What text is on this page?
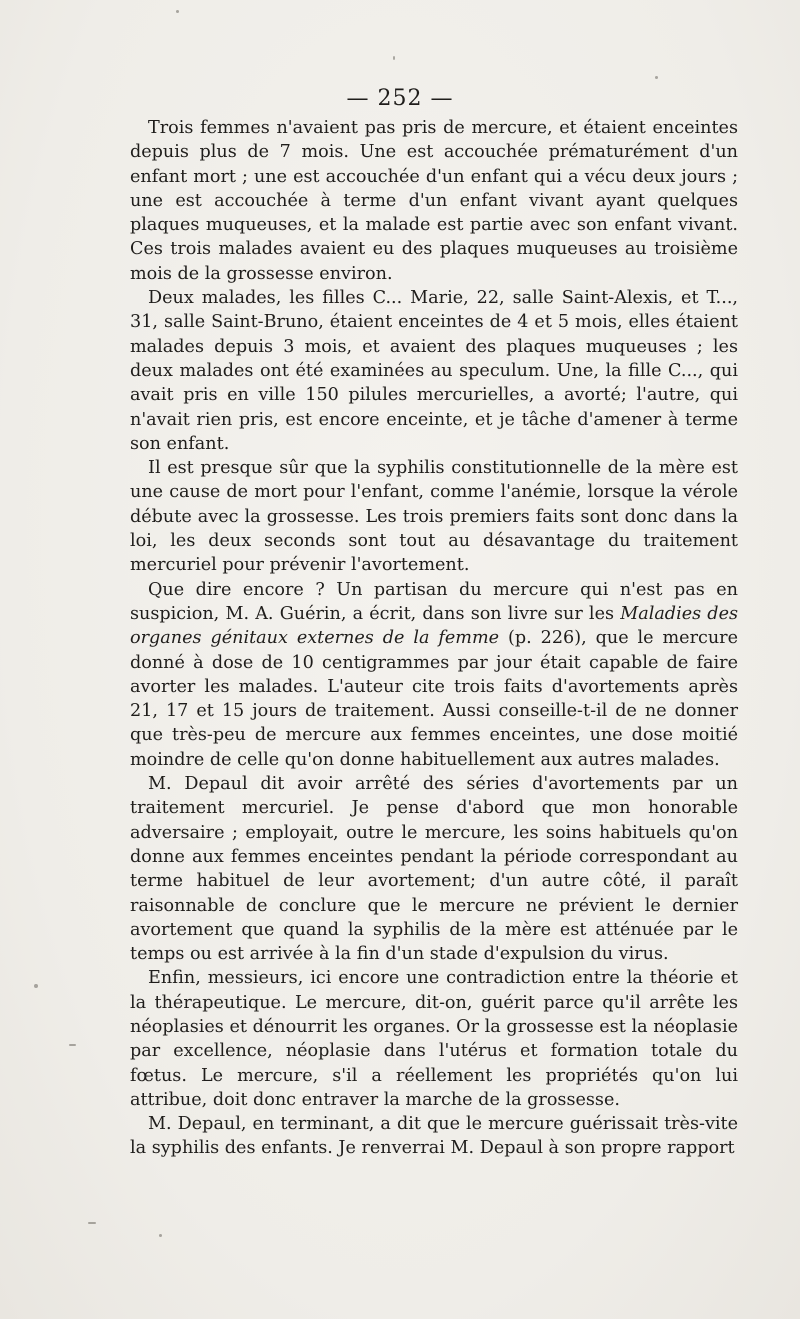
— 252 —

Trois femmes n'avaient pas pris de mercure, et étaient enceintes depuis plus de 7 mois. Une est accouchée prématurément d'un enfant mort ; une est accouchée d'un enfant qui a vécu deux jours ; une est accouchée à terme d'un enfant vivant ayant quelques plaques muqueuses, et la malade est partie avec son enfant vivant. Ces trois malades avaient eu des plaques muqueuses au troisième mois de la grossesse environ.

Deux malades, les filles C... Marie, 22, salle Saint-Alexis, et T..., 31, salle Saint-Bruno, étaient enceintes de 4 et 5 mois, elles étaient malades depuis 3 mois, et avaient des plaques muqueuses ; les deux malades ont été examinées au speculum. Une, la fille C..., qui avait pris en ville 150 pilules mercurielles, a avorté; l'autre, qui n'avait rien pris, est encore enceinte, et je tâche d'amener à terme son enfant.

Il est presque sûr que la syphilis constitutionnelle de la mère est une cause de mort pour l'enfant, comme l'anémie, lorsque la vérole débute avec la grossesse. Les trois premiers faits sont donc dans la loi, les deux seconds sont tout au désavantage du traitement mercuriel pour prévenir l'avortement.

Que dire encore ? Un partisan du mercure qui n'est pas en suspicion, M. A. Guérin, a écrit, dans son livre sur les Maladies des organes génitaux externes de la femme (p. 226), que le mercure donné à dose de 10 centigrammes par jour était capable de faire avorter les malades. L'auteur cite trois faits d'avortements après 21, 17 et 15 jours de traitement. Aussi conseille-t-il de ne donner que très-peu de mercure aux femmes enceintes, une dose moitié moindre de celle qu'on donne habituellement aux autres malades.

M. Depaul dit avoir arrêté des séries d'avortements par un traitement mercuriel. Je pense d'abord que mon honorable adversaire ; employait, outre le mercure, les soins habituels qu'on donne aux femmes enceintes pendant la période correspondant au terme habituel de leur avortement; d'un autre côté, il paraît raisonnable de conclure que le mercure ne prévient le dernier avortement que quand la syphilis de la mère est atténuée par le temps ou est arrivée à la fin d'un stade d'expulsion du virus.

Enfin, messieurs, ici encore une contradiction entre la théorie et la thérapeutique. Le mercure, dit-on, guérit parce qu'il arrête les néoplasies et dénourrit les organes. Or la grossesse est la néoplasie par excellence, néoplasie dans l'utérus et formation totale du fœtus. Le mercure, s'il a réellement les propriétés qu'on lui attribue, doit donc entraver la marche de la grossesse.

M. Depaul, en terminant, a dit que le mercure guérissait très-vite la syphilis des enfants. Je renverrai M. Depaul à son propre rapport
